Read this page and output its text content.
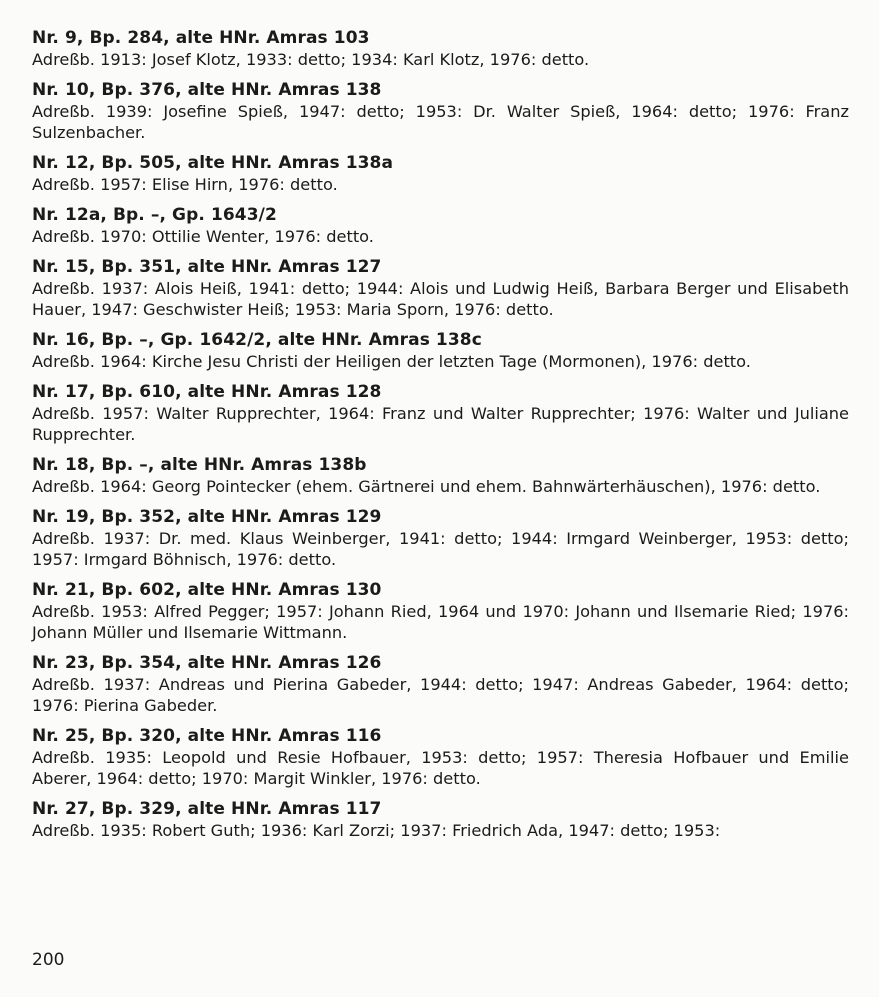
Nr. 9, Bp. 284, alte HNr. Amras 103

Adreßb. 1913: Josef Klotz, 1933: detto; 1934: Karl Klotz, 1976: detto.

Nr. 10, Bp. 376, alte HNr. Amras 138

Adreßb. 1939: Josefine Spieß, 1947: detto; 1953: Dr. Walter Spieß, 1964: detto; 1976: Franz Sulzenbacher.

Nr. 12, Bp. 505, alte HNr. Amras 138a

Adreßb. 1957: Elise Hirn, 1976: detto.

Nr. 12a, Bp. –, Gp. 1643/2

Adreßb. 1970: Ottilie Wenter, 1976: detto.

Nr. 15, Bp. 351, alte HNr. Amras 127

Adreßb. 1937: Alois Heiß, 1941: detto; 1944: Alois und Ludwig Heiß, Barbara Berger und Elisabeth Hauer, 1947: Geschwister Heiß; 1953: Maria Sporn, 1976: detto.

Nr. 16, Bp. –, Gp. 1642/2, alte HNr. Amras 138c

Adreßb. 1964: Kirche Jesu Christi der Heiligen der letzten Tage (Mormonen), 1976: detto.

Nr. 17, Bp. 610, alte HNr. Amras 128

Adreßb. 1957: Walter Rupprechter, 1964: Franz und Walter Rupprechter; 1976: Walter und Juliane Rupprechter.

Nr. 18, Bp. –, alte HNr. Amras 138b

Adreßb. 1964: Georg Pointecker (ehem. Gärtnerei und ehem. Bahnwärterhäuschen), 1976: detto.

Nr. 19, Bp. 352, alte HNr. Amras 129

Adreßb. 1937: Dr. med. Klaus Weinberger, 1941: detto; 1944: Irmgard Weinberger, 1953: detto; 1957: Irmgard Böhnisch, 1976: detto.

Nr. 21, Bp. 602, alte HNr. Amras 130

Adreßb. 1953: Alfred Pegger; 1957: Johann Ried, 1964 und 1970: Johann und Ilsemarie Ried; 1976: Johann Müller und Ilsemarie Wittmann.

Nr. 23, Bp. 354, alte HNr. Amras 126

Adreßb. 1937: Andreas und Pierina Gabeder, 1944: detto; 1947: Andreas Gabeder, 1964: detto; 1976: Pierina Gabeder.

Nr. 25, Bp. 320, alte HNr. Amras 116

Adreßb. 1935: Leopold und Resie Hofbauer, 1953: detto; 1957: Theresia Hofbauer und Emilie Aberer, 1964: detto; 1970: Margit Winkler, 1976: detto.

Nr. 27, Bp. 329, alte HNr. Amras 117

Adreßb. 1935: Robert Guth; 1936: Karl Zorzi; 1937: Friedrich Ada, 1947: detto; 1953:

200
